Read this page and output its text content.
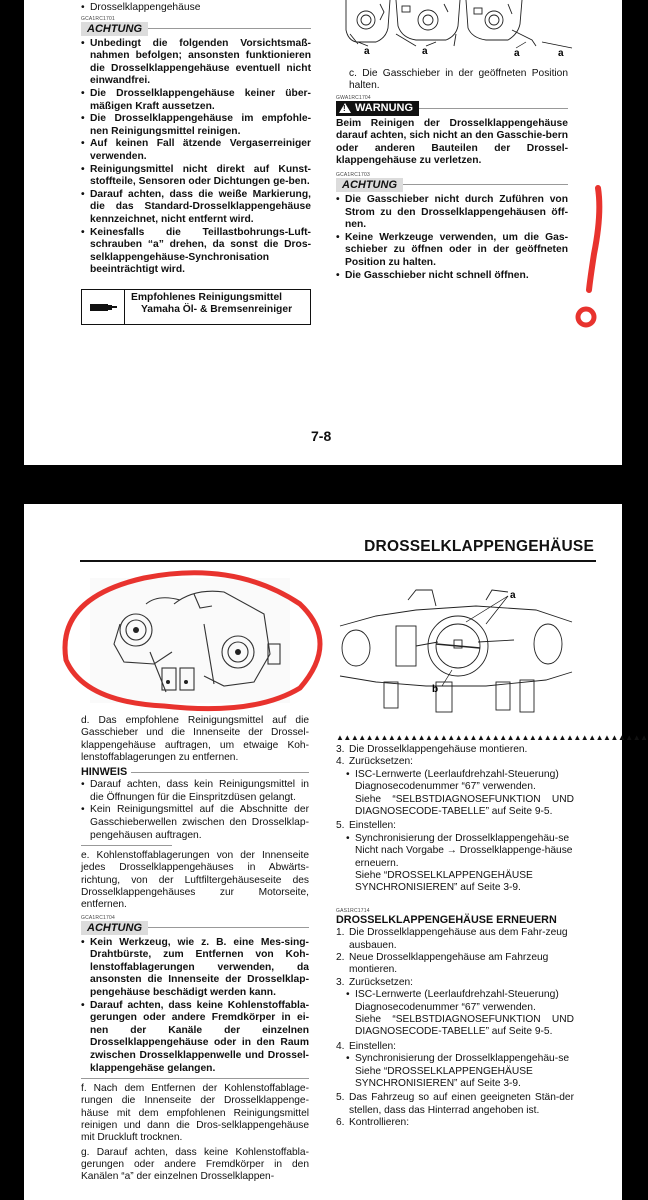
• Drosselklappengehäuse
GCA1RC1701
ACHTUNG
• Unbedingt die folgenden Vorsichtsmaß-nahmen befolgen; ansonsten funktionieren die Drosselklappengehäuse eventuell nicht einwandfrei.
• Die Drosselklappengehäuse keiner über-mäßigen Kraft aussetzen.
• Die Drosselklappengehäuse im empfohle-nen Reinigungsmittel reinigen.
• Auf keinen Fall ätzende Vergaserreiniger verwenden.
• Reinigungsmittel nicht direkt auf Kunst-stoffteile, Sensoren oder Dichtungen ge-ben.
• Darauf achten, dass die weiße Markierung, die das Standard-Drosselklappengehäuse kennzeichnet, nicht entfernt wird.
• Keinesfalls die Teillastbohrungs-Luft-schrauben “a” drehen, da sonst die Dros-selklappengehäuse-Synchronisation beeinträchtigt wird.
Empfohlenes Reinigungsmittel
Yamaha Öl- & Bremsenreiniger
a	a	a	a
c. Die Gasschieber in der geöffneten Position halten.
GWA1RC1704
! WARNUNG
Beim Reinigen der Drosselklappengehäuse darauf achten, sich nicht an den Gasschie-bern oder anderen Bauteilen der Drossel-klappengehäuse zu verletzen.
GCA1RC1703
ACHTUNG
• Die Gasschieber nicht durch Zuführen von Strom zu den Drosselklappengehäusen öff-nen.
• Keine Werkzeuge verwenden, um die Gas-schieber zu öffnen oder in der geöffneten Position zu halten.
• Die Gasschieber nicht schnell öffnen.
!
7-8
DROSSELKLAPPENGEHÄUSE
d. Das empfohlene Reinigungsmittel auf die Gasschieber und die Innenseite der Drossel-klappengehäuse auftragen, um etwaige Koh-lenstoffablagerungen zu entfernen.
HINWEIS
• Darauf achten, dass kein Reinigungsmittel in die Öffnungen für die Einspritzdüsen gelangt.
• Kein Reinigungsmittel auf die Abschnitte der Gasschieberwellen zwischen den Drosselklap-pengehäusen auftragen.
e. Kohlenstoffablagerungen von der Innenseite jedes Drosselklappengehäuses in Abwärts-richtung, von der Luftfiltergehäuseseite des Drosselklappengehäuses zur Motorseite, entfernen.
GCA1RC1704
ACHTUNG
• Kein Werkzeug, wie z. B. eine Mes-sing-Drahtbürste, zum Entfernen von Koh-lenstoffablagerungen verwenden, da ansonsten die Innenseite der Drosselklap-pengehäuse beschädigt werden kann.
• Darauf achten, dass keine Kohlenstoffabla-gerungen oder andere Fremdkörper in ei-nen der Kanäle der einzelnen Drosselklappengehäuse oder in den Raum zwischen Drosselklappenwelle und Drossel-klappengehäse gelangen.
f. Nach dem Entfernen der Kohlenstoffablage-rungen die Innenseite der Drosselklappenge-häuse mit dem empfohlenen Reinigungsmittel reinigen und dann die Dros-selklappengehäuse mit Druckluft trocknen.
g. Darauf achten, dass keine Kohlenstoffabla-gerungen oder andere Fremdkörper in den Kanälen “a” der einzelnen Drosselklappen-
a
b
▲▲▲▲▲▲▲▲▲▲▲▲▲▲▲▲▲▲▲▲▲▲▲▲▲▲▲▲▲▲▲▲▲▲▲▲▲▲▲▲▲▲
3. Die Drosselklappengehäuse montieren.
4. Zurücksetzen:
• ISC-Lernwerte (Leerlaufdrehzahl-Steuerung) Diagnosecodenummer “67” verwenden.
Siehe “SELBSTDIAGNOSEFUNKTION UND DIAGNOSECODE-TABELLE” auf Seite 9-5.
5. Einstellen:
• Synchronisierung der Drosselklappengehäu-se
Nicht nach Vorgabe → Drosselklappenge-häuse erneuern.
Siehe “DROSSELKLAPPENGEHÄUSE SYNCHRONISIEREN” auf Seite 3-9.
GAS1RC1714
DROSSELKLAPPENGEHÄUSE ERNEUERN
1. Die Drosselklappengehäuse aus dem Fahr-zeug ausbauen.
2. Neue Drosselklappengehäuse am Fahrzeug montieren.
3. Zurücksetzen:
• ISC-Lernwerte (Leerlaufdrehzahl-Steuerung) Diagnosecodenummer “67” verwenden.
Siehe “SELBSTDIAGNOSEFUNKTION UND DIAGNOSECODE-TABELLE” auf Seite 9-5.
4. Einstellen:
• Synchronisierung der Drosselklappengehäu-se
Siehe “DROSSELKLAPPENGEHÄUSE SYNCHRONISIEREN” auf Seite 3-9.
5. Das Fahrzeug so auf einen geeigneten Stän-der stellen, dass das Hinterrad angehoben ist.
6. Kontrollieren:
